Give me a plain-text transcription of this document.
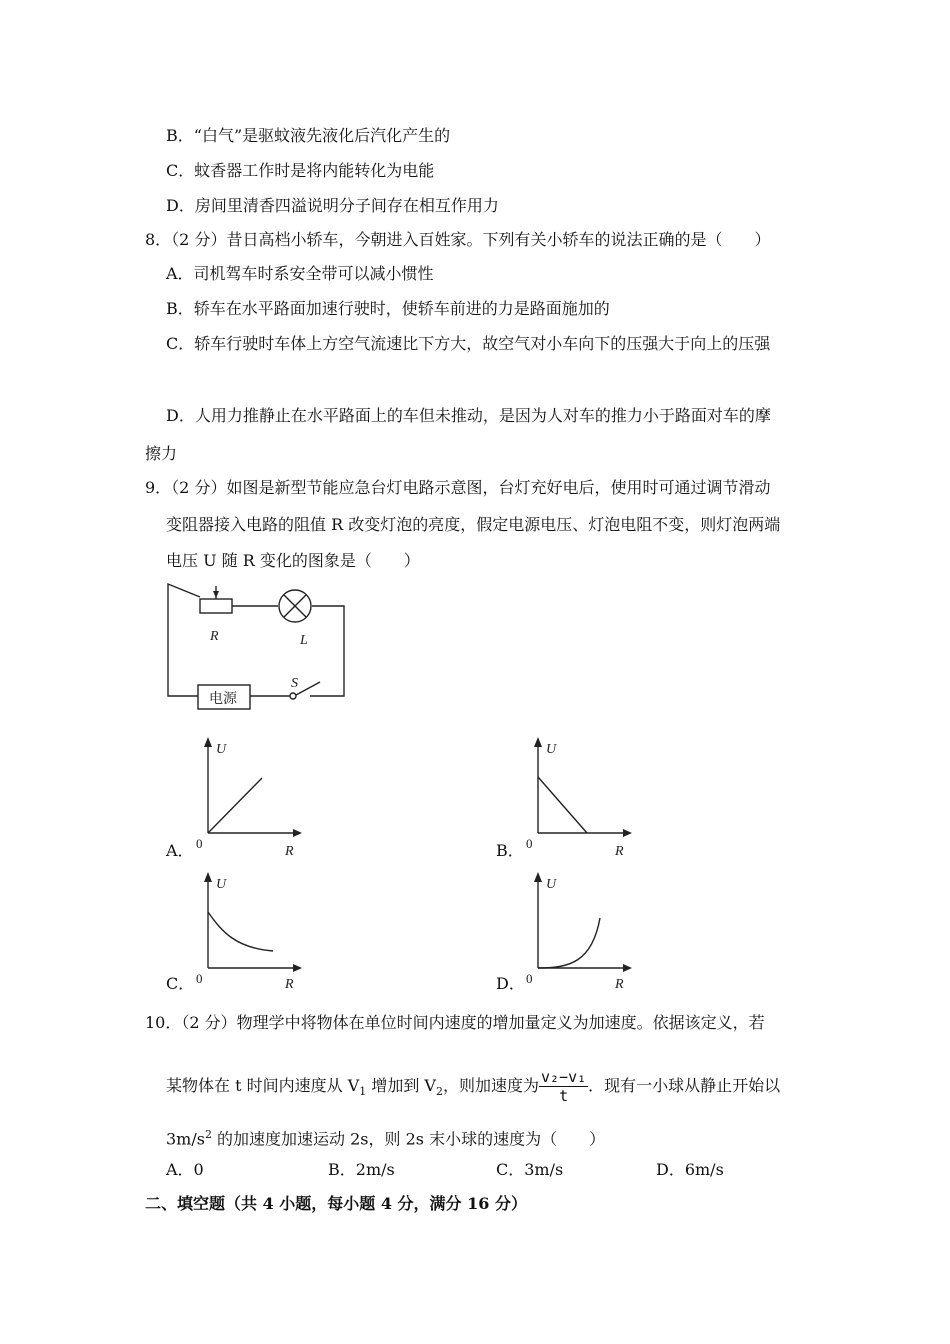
B．“白气”是驱蚊液先液化后汽化产生的
C．蚊香器工作时是将内能转化为电能
D．房间里清香四溢说明分子间存在相互作用力
8．（2 分）昔日高档小轿车，今朝进入百姓家。下列有关小轿车的说法正确的是（　　）
A．司机驾车时系安全带可以减小惯性
B．轿车在水平路面加速行驶时，使轿车前进的力是路面施加的
C．轿车行驶时车体上方空气流速比下方大，故空气对小车向下的压强大于向上的压强
D．人用力推静止在水平路面上的车但未推动，是因为人对车的推力小于路面对车的摩
擦力
9．（2 分）如图是新型节能应急台灯电路示意图，台灯充好电后，使用时可通过调节滑动
变阻器接入电路的阻值 R 改变灯泡的亮度，假定电源电压、灯泡电阻不变，则灯泡两端
电压 U 随 R 变化的图象是（　　）
R	L
S
电源
A．
U
0
R	B．
U
0
R
C．
U
0	R	D．
U
0	R
10．（2 分）物理学中将物体在单位时间内速度的增加量定义为加速度。依据该定义，若
某物体在 t 时间内速度从 $V_1$ 增加到 $V_2$，则加速度为 $\frac{\text{v₂−v₁}}{t}$ ．现有一小球从静止开始以
$3m/s^2$ 的加速度加速运动 2s，则 2s 末小球的速度为（　　）
A．0	B．2m/s	C．3m/s	D．6m/s
二、填空题（共 4 小题，每小题 4 分，满分 16 分）
